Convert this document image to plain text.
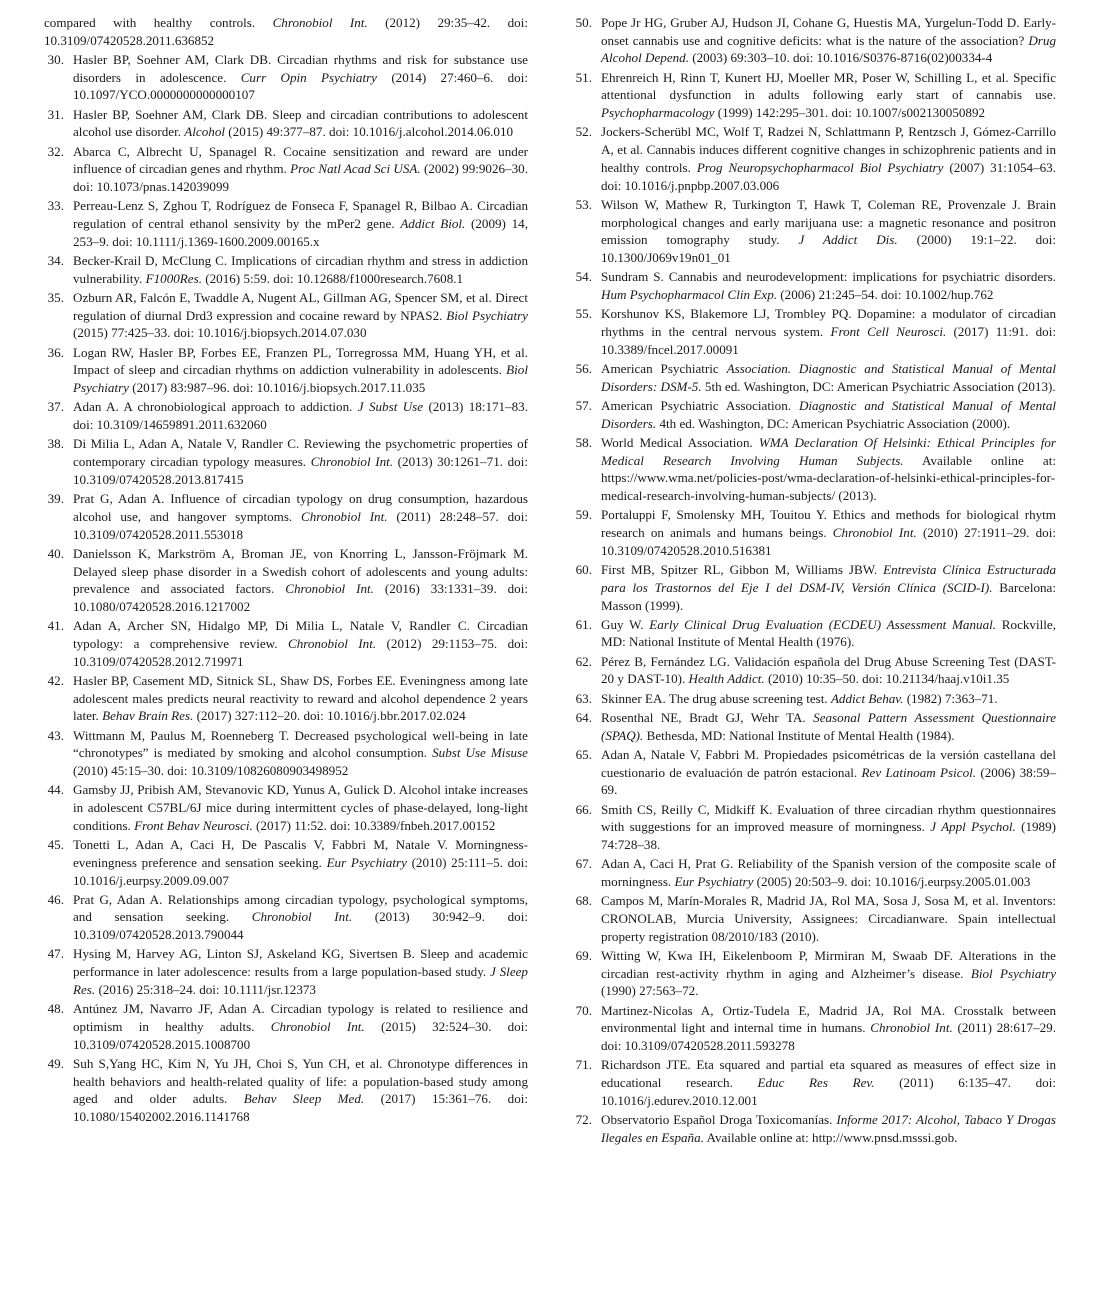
compared with healthy controls. Chronobiol Int. (2012) 29:35–42. doi: 10.3109/07420528.2011.636852

30. Hasler BP, Soehner AM, Clark DB. Circadian rhythms and risk for substance use disorders in adolescence. Curr Opin Psychiatry (2014) 27:460–6. doi: 10.1097/YCO.0000000000000107
31. Hasler BP, Soehner AM, Clark DB. Sleep and circadian contributions to adolescent alcohol use disorder. Alcohol (2015) 49:377–87. doi: 10.1016/j.alcohol.2014.06.010
32. Abarca C, Albrecht U, Spanagel R. Cocaine sensitization and reward are under influence of circadian genes and rhythm. Proc Natl Acad Sci USA. (2002) 99:9026–30. doi: 10.1073/pnas.142039099
33. Perreau-Lenz S, Zghou T, Rodríguez de Fonseca F, Spanagel R, Bilbao A. Circadian regulation of central ethanol sensivity by the mPer2 gene. Addict Biol. (2009) 14, 253–9. doi: 10.1111/j.1369-1600.2009.00165.x
34. Becker-Krail D, McClung C. Implications of circadian rhythm and stress in addiction vulnerability. F1000Res. (2016) 5:59. doi: 10.12688/f1000research.7608.1
35. Ozburn AR, Falcón E, Twaddle A, Nugent AL, Gillman AG, Spencer SM, et al. Direct regulation of diurnal Drd3 expression and cocaine reward by NPAS2. Biol Psychiatry (2015) 77:425–33. doi: 10.1016/j.biopsych.2014.07.030
36. Logan RW, Hasler BP, Forbes EE, Franzen PL, Torregrossa MM, Huang YH, et al. Impact of sleep and circadian rhythms on addiction vulnerability in adolescents. Biol Psychiatry (2017) 83:987–96. doi: 10.1016/j.biopsych.2017.11.035
37. Adan A. A chronobiological approach to addiction. J Subst Use (2013) 18:171–83. doi: 10.3109/14659891.2011.632060
38. Di Milia L, Adan A, Natale V, Randler C. Reviewing the psychometric properties of contemporary circadian typology measures. Chronobiol Int. (2013) 30:1261–71. doi: 10.3109/07420528.2013.817415
39. Prat G, Adan A. Influence of circadian typology on drug consumption, hazardous alcohol use, and hangover symptoms. Chronobiol Int. (2011) 28:248–57. doi: 10.3109/07420528.2011.553018
40. Danielsson K, Markström A, Broman JE, von Knorring L, Jansson-Fröjmark M. Delayed sleep phase disorder in a Swedish cohort of adolescents and young adults: prevalence and associated factors. Chronobiol Int. (2016) 33:1331–39. doi: 10.1080/07420528.2016.1217002
41. Adan A, Archer SN, Hidalgo MP, Di Milia L, Natale V, Randler C. Circadian typology: a comprehensive review. Chronobiol Int. (2012) 29:1153–75. doi: 10.3109/07420528.2012.719971
42. Hasler BP, Casement MD, Sitnick SL, Shaw DS, Forbes EE. Eveningness among late adolescent males predicts neural reactivity to reward and alcohol dependence 2 years later. Behav Brain Res. (2017) 327:112–20. doi: 10.1016/j.bbr.2017.02.024
43. Wittmann M, Paulus M, Roenneberg T. Decreased psychological well-being in late “chronotypes” is mediated by smoking and alcohol consumption. Subst Use Misuse (2010) 45:15–30. doi: 10.3109/10826080903498952
44. Gamsby JJ, Pribish AM, Stevanovic KD, Yunus A, Gulick D. Alcohol intake increases in adolescent C57BL/6J mice during intermittent cycles of phase-delayed, long-light conditions. Front Behav Neurosci. (2017) 11:52. doi: 10.3389/fnbeh.2017.00152
45. Tonetti L, Adan A, Caci H, De Pascalis V, Fabbri M, Natale V. Morningness-eveningness preference and sensation seeking. Eur Psychiatry (2010) 25:111–5. doi: 10.1016/j.eurpsy.2009.09.007
46. Prat G, Adan A. Relationships among circadian typology, psychological symptoms, and sensation seeking. Chronobiol Int. (2013) 30:942–9. doi: 10.3109/07420528.2013.790044
47. Hysing M, Harvey AG, Linton SJ, Askeland KG, Sivertsen B. Sleep and academic performance in later adolescence: results from a large population-based study. J Sleep Res. (2016) 25:318–24. doi: 10.1111/jsr.12373
48. Antúnez JM, Navarro JF, Adan A. Circadian typology is related to resilience and optimism in healthy adults. Chronobiol Int. (2015) 32:524–30. doi: 10.3109/07420528.2015.1008700
49. Suh S,Yang HC, Kim N, Yu JH, Choi S, Yun CH, et al. Chronotype differences in health behaviors and health-related quality of life: a population-based study among aged and older adults. Behav Sleep Med. (2017) 15:361–76. doi: 10.1080/15402002.2016.1141768
50. Pope Jr HG, Gruber AJ, Hudson JI, Cohane G, Huestis MA, Yurgelun-Todd D. Early-onset cannabis use and cognitive deficits: what is the nature of the association? Drug Alcohol Depend. (2003) 69:303–10. doi: 10.1016/S0376-8716(02)00334-4
51. Ehrenreich H, Rinn T, Kunert HJ, Moeller MR, Poser W, Schilling L, et al. Specific attentional dysfunction in adults following early start of cannabis use. Psychopharmacology (1999) 142:295–301. doi: 10.1007/s002130050892
52. Jockers-Scherübl MC, Wolf T, Radzei N, Schlattmann P, Rentzsch J, Gómez-Carrillo A, et al. Cannabis induces different cognitive changes in schizophrenic patients and in healthy controls. Prog Neuropsychopharmacol Biol Psychiatry (2007) 31:1054–63. doi: 10.1016/j.pnpbp.2007.03.006
53. Wilson W, Mathew R, Turkington T, Hawk T, Coleman RE, Provenzale J. Brain morphological changes and early marijuana use: a magnetic resonance and positron emission tomography study. J Addict Dis. (2000) 19:1–22. doi: 10.1300/J069v19n01_01
54. Sundram S. Cannabis and neurodevelopment: implications for psychiatric disorders. Hum Psychopharmacol Clin Exp. (2006) 21:245–54. doi: 10.1002/hup.762
55. Korshunov KS, Blakemore LJ, Trombley PQ. Dopamine: a modulator of circadian rhythms in the central nervous system. Front Cell Neurosci. (2017) 11:91. doi: 10.3389/fncel.2017.00091
56. American Psychiatric Association. Diagnostic and Statistical Manual of Mental Disorders: DSM-5. 5th ed. Washington, DC: American Psychiatric Association (2013).
57. American Psychiatric Association. Diagnostic and Statistical Manual of Mental Disorders. 4th ed. Washington, DC: American Psychiatric Association (2000).
58. World Medical Association. WMA Declaration Of Helsinki: Ethical Principles for Medical Research Involving Human Subjects. Available online at: https://www.wma.net/policies-post/wma-declaration-of-helsinki-ethical-principles-for-medical-research-involving-human-subjects/ (2013).
59. Portaluppi F, Smolensky MH, Touitou Y. Ethics and methods for biological rhytm research on animals and humans beings. Chronobiol Int. (2010) 27:1911–29. doi: 10.3109/07420528.2010.516381
60. First MB, Spitzer RL, Gibbon M, Williams JBW. Entrevista Clínica Estructurada para los Trastornos del Eje I del DSM-IV, Versión Clínica (SCID-I). Barcelona: Masson (1999).
61. Guy W. Early Clinical Drug Evaluation (ECDEU) Assessment Manual. Rockville, MD: National Institute of Mental Health (1976).
62. Pérez B, Fernández LG. Validación española del Drug Abuse Screening Test (DAST-20 y DAST-10). Health Addict. (2010) 10:35–50. doi: 10.21134/haaj.v10i1.35
63. Skinner EA. The drug abuse screening test. Addict Behav. (1982) 7:363–71.
64. Rosenthal NE, Bradt GJ, Wehr TA. Seasonal Pattern Assessment Questionnaire (SPAQ). Bethesda, MD: National Institute of Mental Health (1984).
65. Adan A, Natale V, Fabbri M. Propiedades psicométricas de la versión castellana del cuestionario de evaluación de patrón estacional. Rev Latinoam Psicol. (2006) 38:59–69.
66. Smith CS, Reilly C, Midkiff K. Evaluation of three circadian rhythm questionnaires with suggestions for an improved measure of morningness. J Appl Psychol. (1989) 74:728–38.
67. Adan A, Caci H, Prat G. Reliability of the Spanish version of the composite scale of morningness. Eur Psychiatry (2005) 20:503–9. doi: 10.1016/j.eurpsy.2005.01.003
68. Campos M, Marín-Morales R, Madrid JA, Rol MA, Sosa J, Sosa M, et al. Inventors: CRONOLAB, Murcia University, Assignees: Circadianware. Spain intellectual property registration 08/2010/183 (2010).
69. Witting W, Kwa IH, Eikelenboom P, Mirmiran M, Swaab DF. Alterations in the circadian rest-activity rhythm in aging and Alzheimer’s disease. Biol Psychiatry (1990) 27:563–72.
70. Martinez-Nicolas A, Ortiz-Tudela E, Madrid JA, Rol MA. Crosstalk between environmental light and internal time in humans. Chronobiol Int. (2011) 28:617–29. doi: 10.3109/07420528.2011.593278
71. Richardson JTE. Eta squared and partial eta squared as measures of effect size in educational research. Educ Res Rev. (2011) 6:135–47. doi: 10.1016/j.edurev.2010.12.001
72. Observatorio Español Droga Toxicomanías. Informe 2017: Alcohol, Tabaco Y Drogas Ilegales en España. Available online at: http://www.pnsd.msssi.gob.
